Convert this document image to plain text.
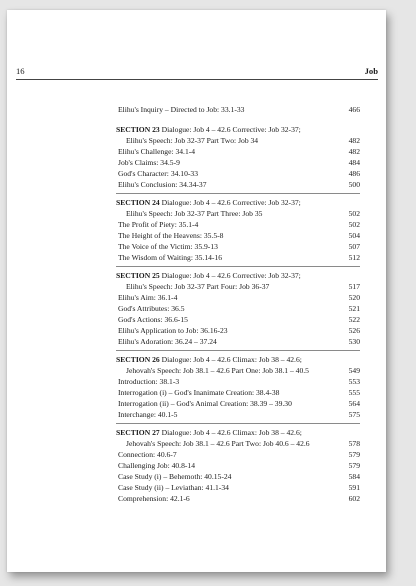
16	Job
Elihu's Inquiry – Directed to Job: 33.1-33	466
SECTION 23 Dialogue: Job 4 – 42.6 Corrective: Job 32-37;
Elihu's Speech: Job 32-37 Part Two: Job 34	482
Elihu's Challenge: 34.1-4	482
Job's Claims: 34.5-9	484
God's Character: 34.10-33	486
Elihu's Conclusion: 34.34-37	500
SECTION 24 Dialogue: Job 4 – 42.6 Corrective: Job 32-37;
Elihu's Speech: Job 32-37 Part Three: Job 35	502
The Profit of Piety: 35.1-4	502
The Height of the Heavens: 35.5-8	504
The Voice of the Victim: 35.9-13	507
The Wisdom of Waiting: 35.14-16	512
SECTION 25 Dialogue: Job 4 – 42.6 Corrective: Job 32-37;
Elihu's Speech: Job 32-37 Part Four: Job 36-37	517
Elihu's Aim: 36.1-4	520
God's Attributes: 36.5	521
God's Actions: 36.6-15	522
Elihu's Application to Job: 36.16-23	526
Elihu's Adoration: 36.24 – 37.24	530
SECTION 26 Dialogue: Job 4 – 42.6 Climax: Job 38 – 42.6;
Jehovah's Speech: Job 38.1 – 42.6 Part One: Job 38.1 – 40.5	549
Introduction: 38.1-3	553
Interrogation (i) – God's Inanimate Creation: 38.4-38	555
Interrogation (ii) – God's Animal Creation: 38.39 – 39.30	564
Interchange: 40.1-5	575
SECTION 27 Dialogue: Job 4 – 42.6 Climax: Job 38 – 42.6;
Jehovah's Speech: Job 38.1 – 42.6 Part Two: Job 40.6 – 42.6	578
Connection: 40.6-7	579
Challenging Job: 40.8-14	579
Case Study (i) – Behemoth: 40.15-24	584
Case Study (ii) – Leviathan: 41.1-34	591
Comprehension: 42.1-6	602
